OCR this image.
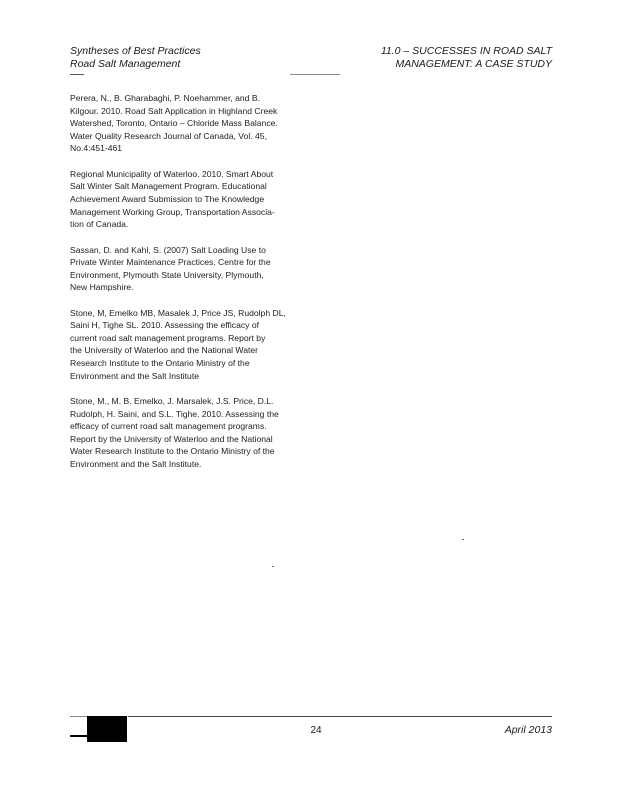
Syntheses of Best Practices
Road Salt Management
11.0 – SUCCESSES IN ROAD SALT
MANAGEMENT: A CASE STUDY

Perera, N., B. Gharabaghi, P. Noehammer, and B.
Kilgour. 2010. Road Salt Application in Highland Creek
Watershed, Toronto, Ontario – Chloride Mass Balance.
Water Quality Research Journal of Canada, Vol. 45,
No.4:451-461

Regional Municipality of Waterloo. 2010. Smart About
Salt Winter Salt Management Program. Educational
Achievement Award Submission to The Knowledge
Management Working Group, Transportation Associa-
tion of Canada.

Sassan, D. and Kahl, S. (2007) Salt Loading Use to
Private Winter Maintenance Practices. Centre for the
Environment, Plymouth State University, Plymouth,
New Hampshire.

Stone, M, Emelko MB, Masalek J, Price JS, Rudolph DL,
Saini H, Tighe SL. 2010. Assessing the efficacy of
current road salt management programs. Report by
the University of Waterloo and the National Water
Research Institute to the Ontario Ministry of the
Environment and the Salt Institute

Stone, M., M. B. Emelko, J. Marsalek, J.S. Price, D.L.
Rudolph, H. Saini, and S.L. Tighe. 2010. Assessing the
efficacy of current road salt management programs.
Report by the University of Waterloo and the National
Water Research Institute to the Ontario Ministry of the
Environment and the Salt Institute.

24	April 2013
